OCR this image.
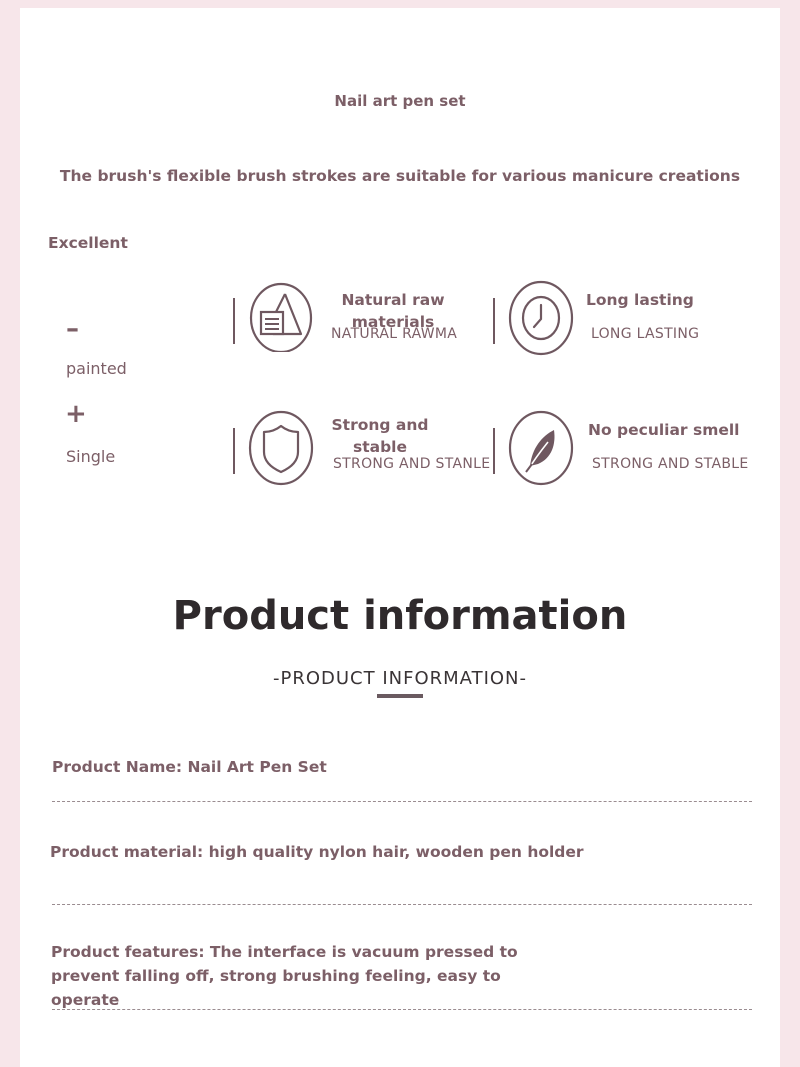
Nail art pen set
The brush's flexible brush strokes are suitable for various manicure creations
Excellent
–
painted
+
Single
Natural raw materials
NATURAL RAWMA
Long lasting
LONG LASTING
Strong and stable
STRONG AND STANLE
No peculiar smell
STRONG AND STABLE
Product information
-PRODUCT INFORMATION-
Product Name: Nail Art Pen Set
Product material: high quality nylon hair, wooden pen holder
Product features: The interface is vacuum pressed to prevent falling off, strong brushing feeling, easy to operate
